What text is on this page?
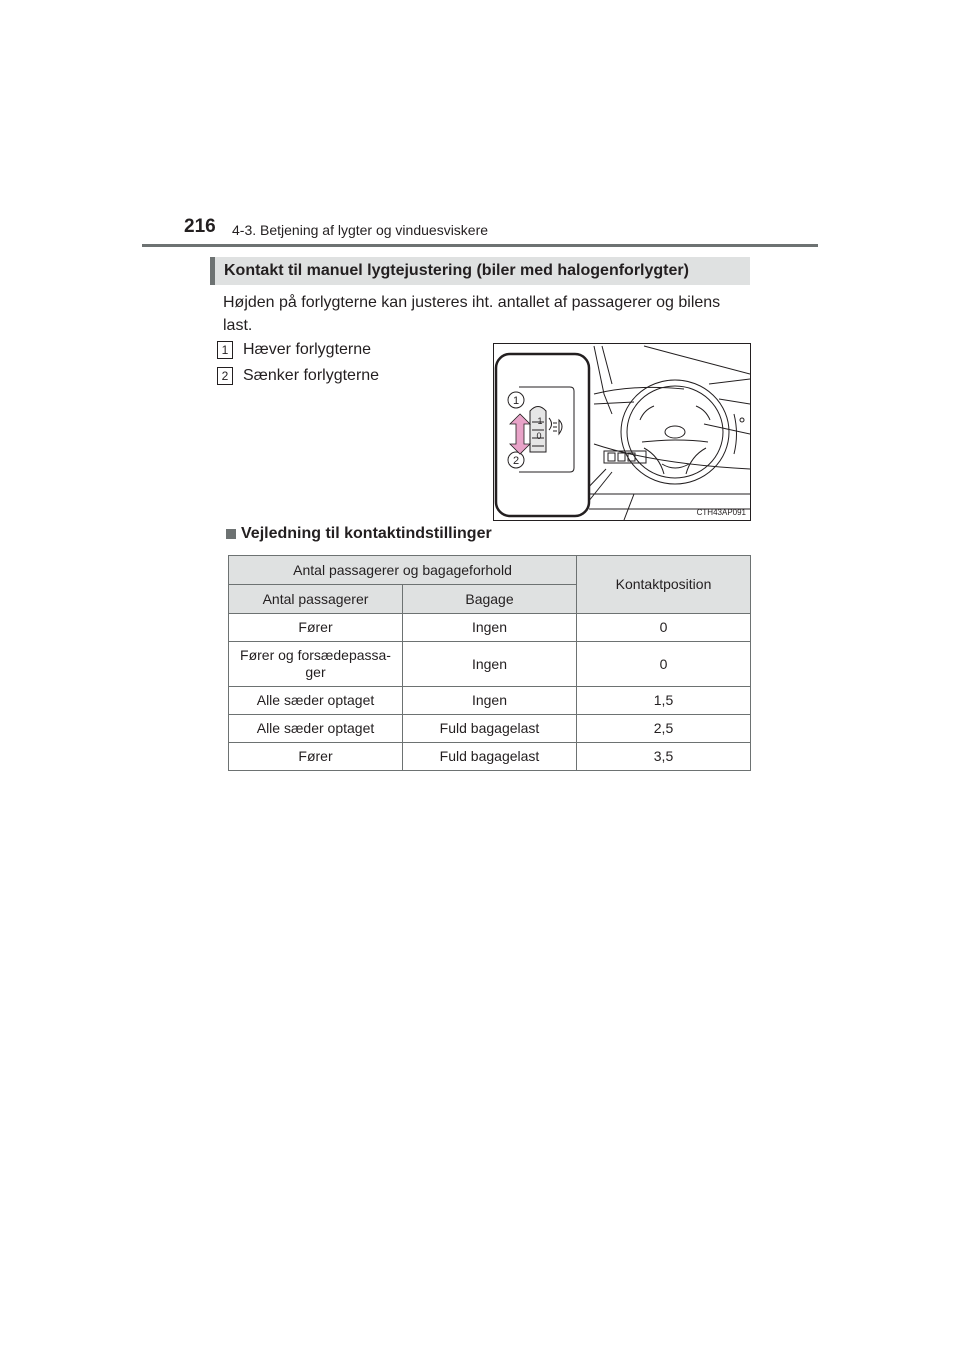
216 4-3. Betjening af lygter og vinduesviskere
Kontakt til manuel lygtejustering (biler med halogenforlygter)
Højden på forlygterne kan justeres iht. antallet af passagerer og bilens last.
1 Hæver forlygterne
2 Sænker forlygterne
1
2
1
0
CTH43AP091
Vejledning til kontaktindstillinger
Antal passagerer og bagageforhold		Kontaktposition
Antal passagerer	Bagage	
Fører	Ingen	0
Fører og forsædepassa-ger	Ingen	0
Alle sæder optaget	Ingen	1,5
Alle sæder optaget	Fuld bagagelast	2,5
Fører	Fuld bagagelast	3,5
